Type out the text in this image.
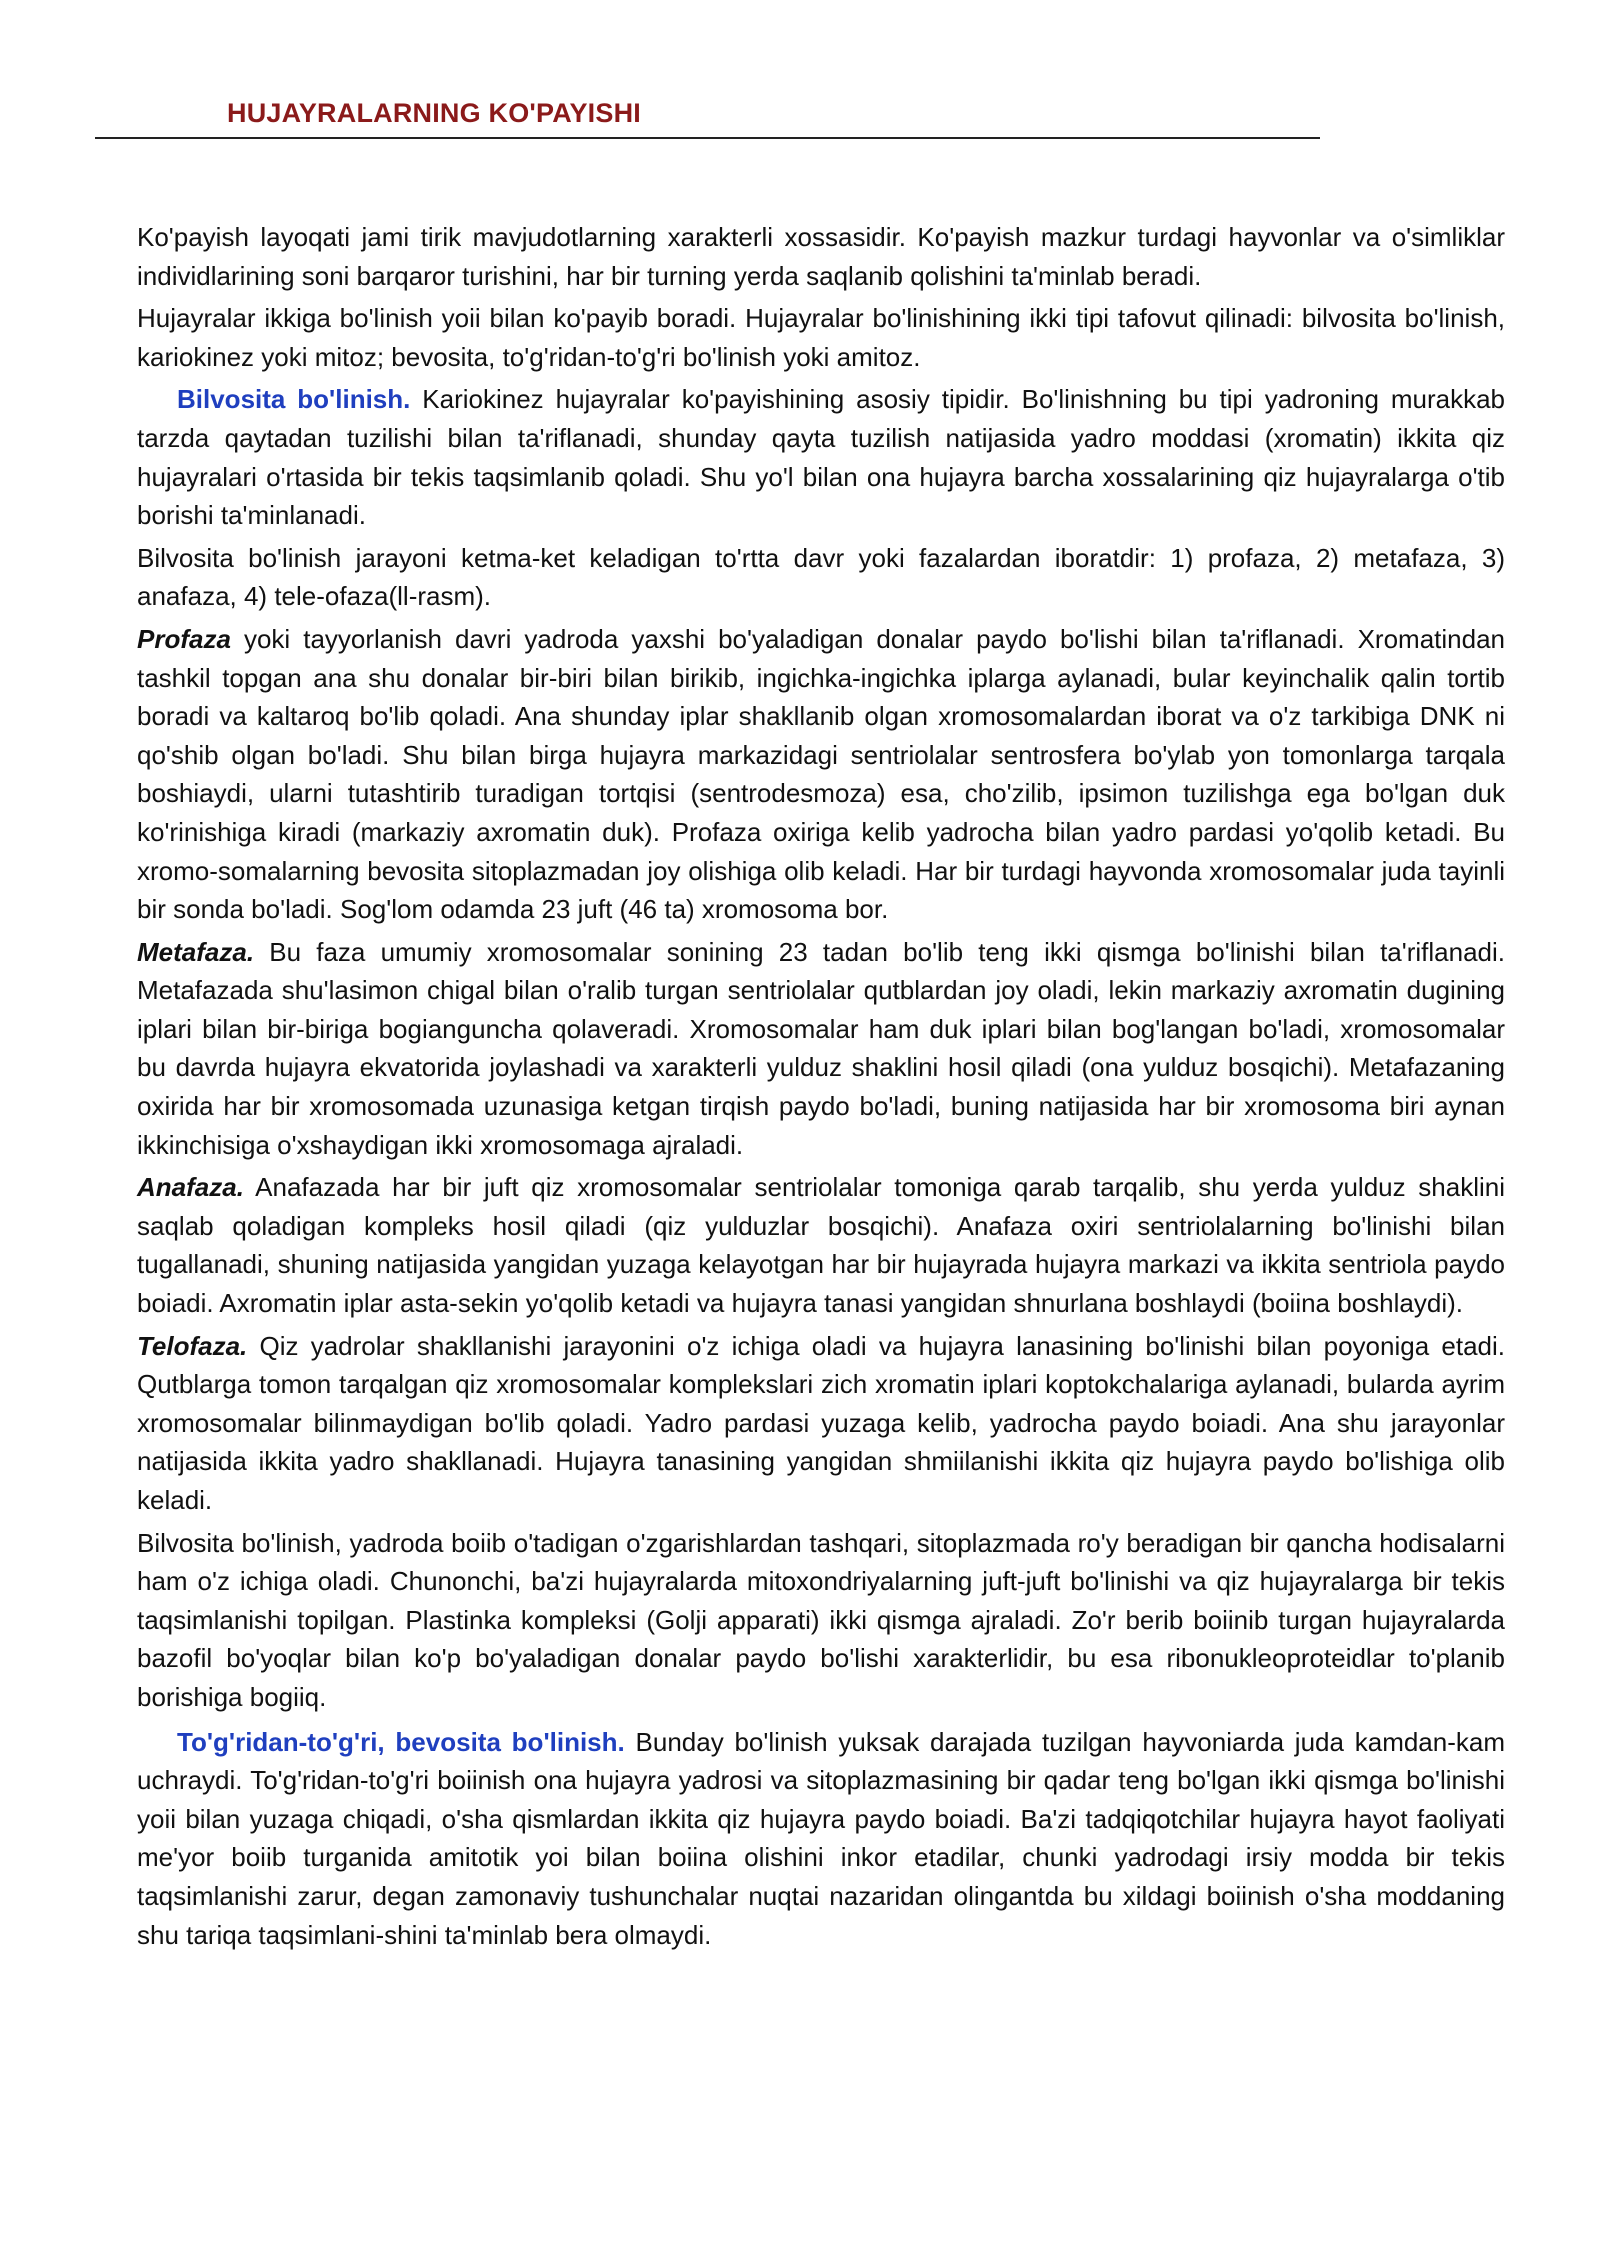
HUJAYRALARNING KO'PAYISHI

Ko'payish layoqati jami tirik mavjudotlarning xarakterli xossasidir. Ko'payish mazkur turdagi hayvonlar va o'simliklar individlarining soni barqaror turishini, har bir turning yerda saqlanib qolishini ta'minlab beradi.

Hujayralar ikkiga bo'linish yoii bilan ko'payib boradi. Hujayralar bo'linishining ikki tipi tafovut qilinadi: bilvosita bo'linish, kariokinez yoki mitoz; bevosita, to'g'ridan-to'g'ri bo'linish yoki amitoz.

Bilvosita bo'linish. Kariokinez hujayralar ko'payishining asosiy tipidir. Bo'linishning bu tipi yadroning murakkab tarzda qaytadan tuzilishi bilan ta'riflanadi, shunday qayta tuzilish natijasida yadro moddasi (xromatin) ikkita qiz hujayralari o'rtasida bir tekis taqsimlanib qoladi. Shu yo'l bilan ona hujayra barcha xossalarining qiz hujayralarga o'tib borishi ta'minlanadi.

Bilvosita bo'linish jarayoni ketma-ket keladigan to'rtta davr yoki fazalardan iboratdir: 1) profaza, 2) metafaza, 3) anafaza, 4) tele-ofaza(ll-rasm).

Profaza yoki tayyorlanish davri yadroda yaxshi bo'yaladigan donalar paydo bo'lishi bilan ta'riflanadi. Xromatindan tashkil topgan ana shu donalar bir-biri bilan birikib, ingichka-ingichka iplarga aylanadi, bular keyinchalik qalin tortib boradi va kaltaroq bo'lib qoladi. Ana shunday iplar shakllanib olgan xromosomalardan iborat va o'z tarkibiga DNK ni qo'shib olgan bo'ladi. Shu bilan birga hujayra markazidagi sentriolalar sentrosfera bo'ylab yon tomonlarga tarqala boshiaydi, ularni tutashtirib turadigan tortqisi (sentrodesmoza) esa, cho'zilib, ipsimon tuzilishga ega bo'lgan duk ko'rinishiga kiradi (markaziy axromatin duk). Profaza oxiriga kelib yadrocha bilan yadro pardasi yo'qolib ketadi. Bu xromo-somalarning bevosita sitoplazmadan joy olishiga olib keladi. Har bir turdagi hayvonda xromosomalar juda tayinli bir sonda bo'ladi. Sog'lom odamda 23 juft (46 ta) xromosoma bor.

Metafaza. Bu faza umumiy xromosomalar sonining 23 tadan bo'lib teng ikki qismga bo'linishi bilan ta'riflanadi. Metafazada shu'lasimon chigal bilan o'ralib turgan sentriolalar qutblardan joy oladi, lekin markaziy axromatin dugining iplari bilan bir-biriga bogiangunchа qolaveradi. Xromosomalar ham duk iplari bilan bog'langan bo'ladi, xromosomalar bu davrda hujayra ekvatorida joylashadi va xarakterli yulduz shaklini hosil qiladi (ona yulduz bosqichi). Metafazaning oxirida har bir xromosomada uzunasiga ketgan tirqish paydo bo'ladi, buning natijasida har bir xromosoma biri aynan ikkinchisiga o'xshaydigan ikki xromosomaga ajraladi.

Anafaza. Anafazada har bir juft qiz xromosomalar sentriolalar tomoniga qarab tarqalib, shu yerda yulduz shaklini saqlab qoladigan kompleks hosil qiladi (qiz yulduzlar bosqichi). Anafaza oxiri sentriolalarning bo'linishi bilan tugallanadi, shuning natijasida yangidan yuzaga kelayotgan har bir hujayrada hujayra markazi va ikkita sentriola paydo boiadi. Axromatin iplar asta-sekin yo'qolib ketadi va hujayra tanasi yangidan shnurlana boshlaydi (boiina boshlaydi).

Telofaza. Qiz yadrolar shakllanishi jarayonini o'z ichiga oladi va hujayra lanasining bo'linishi bilan poyoniga etadi. Qutblarga tomon tarqalgan qiz xromosomalar komplekslari zich xromatin iplari koptokchalariga aylanadi, bularda ayrim xromosomalar bilinmaydigan bo'lib qoladi. Yadro pardasi yuzaga kelib, yadrocha paydo boiadi. Ana shu jarayonlar natijasida ikkita yadro shakllanadi. Hujayra tanasining yangidan shmiilanishi ikkita qiz hujayra paydo bo'lishiga olib keladi.

Bilvosita bo'linish, yadroda boiib o'tadigan o'zgarishlardan tashqari, sitoplazmada ro'y beradigan bir qancha hodisalarni ham o'z ichiga oladi. Chunonchi, ba'zi hujayralarda mitoxondriyalarning juft-juft bo'linishi va qiz hujayralarga bir tekis taqsimlanishi topilgan. Plastinka kompleksi (Golji apparati) ikki qismga ajraladi. Zo'r berib boiinib turgan hujayralarda bazofil bo'yoqlar bilan ko'p bo'yaladigan donalar paydo bo'lishi xarakterlidir, bu esa ribonukleoproteidlar to'planib borishiga bogiiq.

To'g'ridan-to'g'ri, bevosita bo'linish. Bunday bo'linish yuksak darajada tuzilgan hayvoniarda juda kamdan-kam uchraydi. To'g'ridan-to'g'ri boiinish ona hujayra yadrosi va sitoplazmasining bir qadar teng bo'lgan ikki qismga bo'linishi yoii bilan yuzaga chiqadi, o'sha qismlardan ikkita qiz hujayra paydo boiadi. Ba'zi tadqiqotchilar hujayra hayot faoliyati me'yor boiib turganida amitotik yoi bilan boiina olishini inkor etadilar, chunki yadrodagi irsiy modda bir tekis taqsimlanishi zarur, degan zamonaviy tushunchalar nuqtai nazaridan olingantda bu xildagi boiinish o'sha moddaning shu tariqa taqsimlani-shini ta'minlab bera olmaydi.
